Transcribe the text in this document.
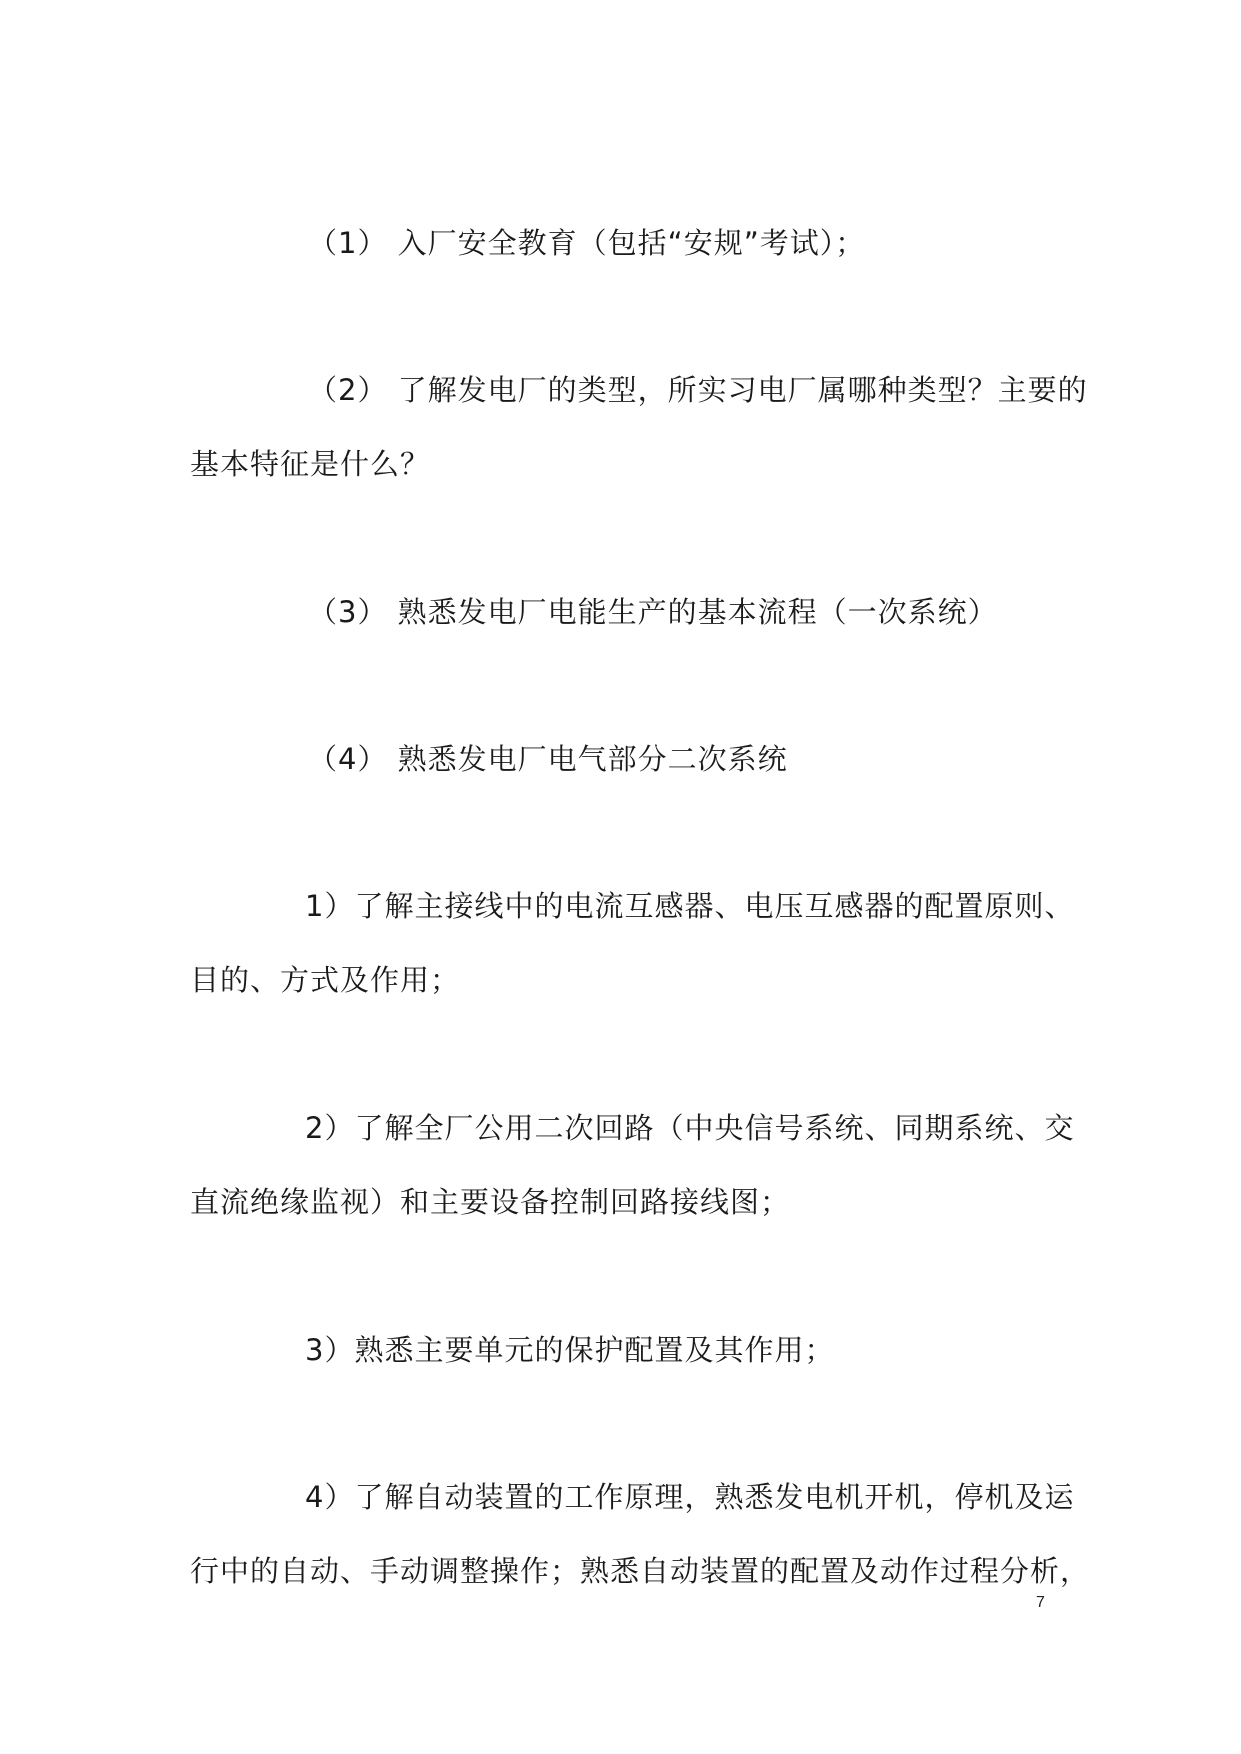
（1） 入厂安全教育（包括“安规”考试）；
（2） 了解发电厂的类型，所实习电厂属哪种类型？主要的
基本特征是什么？
（3） 熟悉发电厂电能生产的基本流程（一次系统）
（4） 熟悉发电厂电气部分二次系统
1）了解主接线中的电流互感器、电压互感器的配置原则、
目的、方式及作用；
2）了解全厂公用二次回路（中央信号系统、同期系统、交
直流绝缘监视）和主要设备控制回路接线图；
3）熟悉主要单元的保护配置及其作用；
4）了解自动装置的工作原理，熟悉发电机开机，停机及运
行中的自动、手动调整操作；熟悉自动装置的配置及动作过程分析，
7
